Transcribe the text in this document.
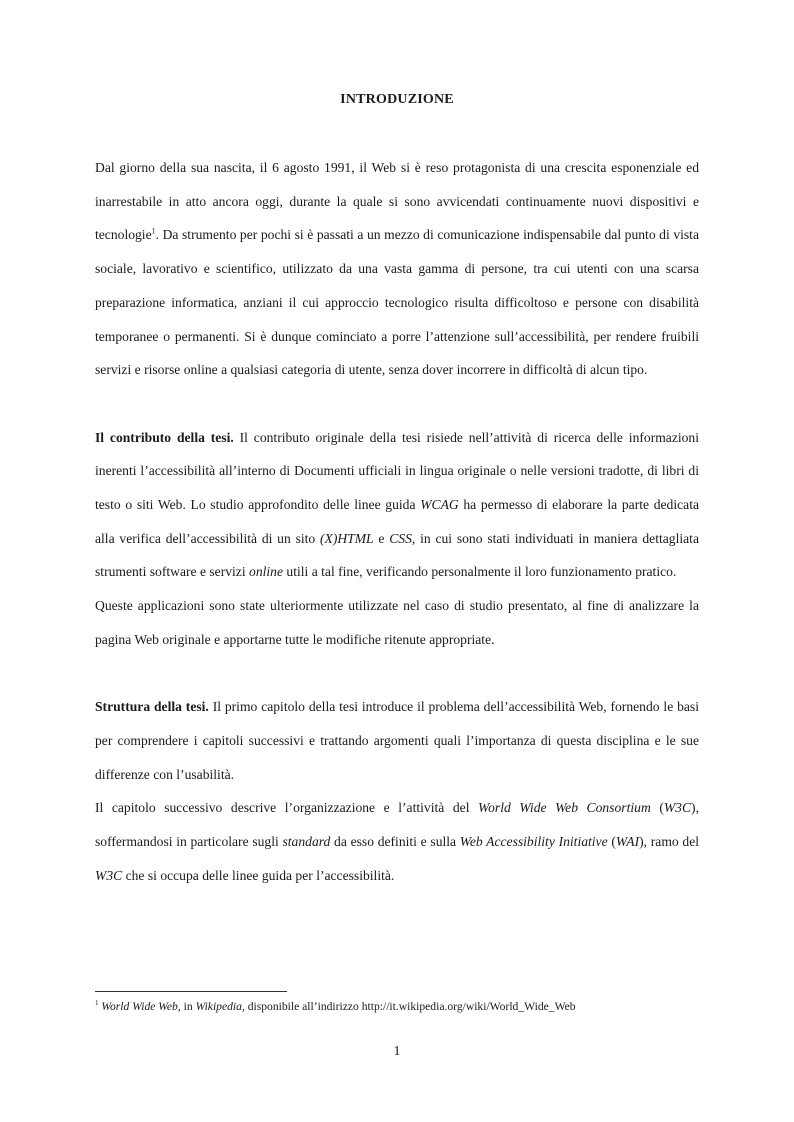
INTRODUZIONE

Dal giorno della sua nascita, il 6 agosto 1991, il Web si è reso protagonista di una crescita esponenziale ed inarrestabile in atto ancora oggi, durante la quale si sono avvicendati continuamente nuovi dispositivi e tecnologie$^1$. Da strumento per pochi si è passati a un mezzo di comunicazione indispensabile dal punto di vista sociale, lavorativo e scientifico, utilizzato da una vasta gamma di persone, tra cui utenti con una scarsa preparazione informatica, anziani il cui approccio tecnologico risulta difficoltoso e persone con disabilità temporanee o permanenti. Si è dunque cominciato a porre l’attenzione sull’accessibilità, per rendere fruibili servizi e risorse online a qualsiasi categoria di utente, senza dover incorrere in difficoltà di alcun tipo.

Il contributo della tesi. Il contributo originale della tesi risiede nell’attività di ricerca delle informazioni inerenti l’accessibilità all’interno di Documenti ufficiali in lingua originale o nelle versioni tradotte, di libri di testo o siti Web. Lo studio approfondito delle linee guida WCAG ha permesso di elaborare la parte dedicata alla verifica dell’accessibilità di un sito (X)HTML e CSS, in cui sono stati individuati in maniera dettagliata strumenti software e servizi online utili a tal fine, verificando personalmente il loro funzionamento pratico.

Queste applicazioni sono state ulteriormente utilizzate nel caso di studio presentato, al fine di analizzare la pagina Web originale e apportarne tutte le modifiche ritenute appropriate.

Struttura della tesi. Il primo capitolo della tesi introduce il problema dell’accessibilità Web, fornendo le basi per comprendere i capitoli successivi e trattando argomenti quali l’importanza di questa disciplina e le sue differenze con l’usabilità.

Il capitolo successivo descrive l’organizzazione e l’attività del World Wide Web Consortium (W3C), soffermandosi in particolare sugli standard da esso definiti e sulla Web Accessibility Initiative (WAI), ramo del W3C che si occupa delle linee guida per l’accessibilità.

$^1$ World Wide Web, in Wikipedia, disponibile all’indirizzo http://it.wikipedia.org/wiki/World_Wide_Web
1
